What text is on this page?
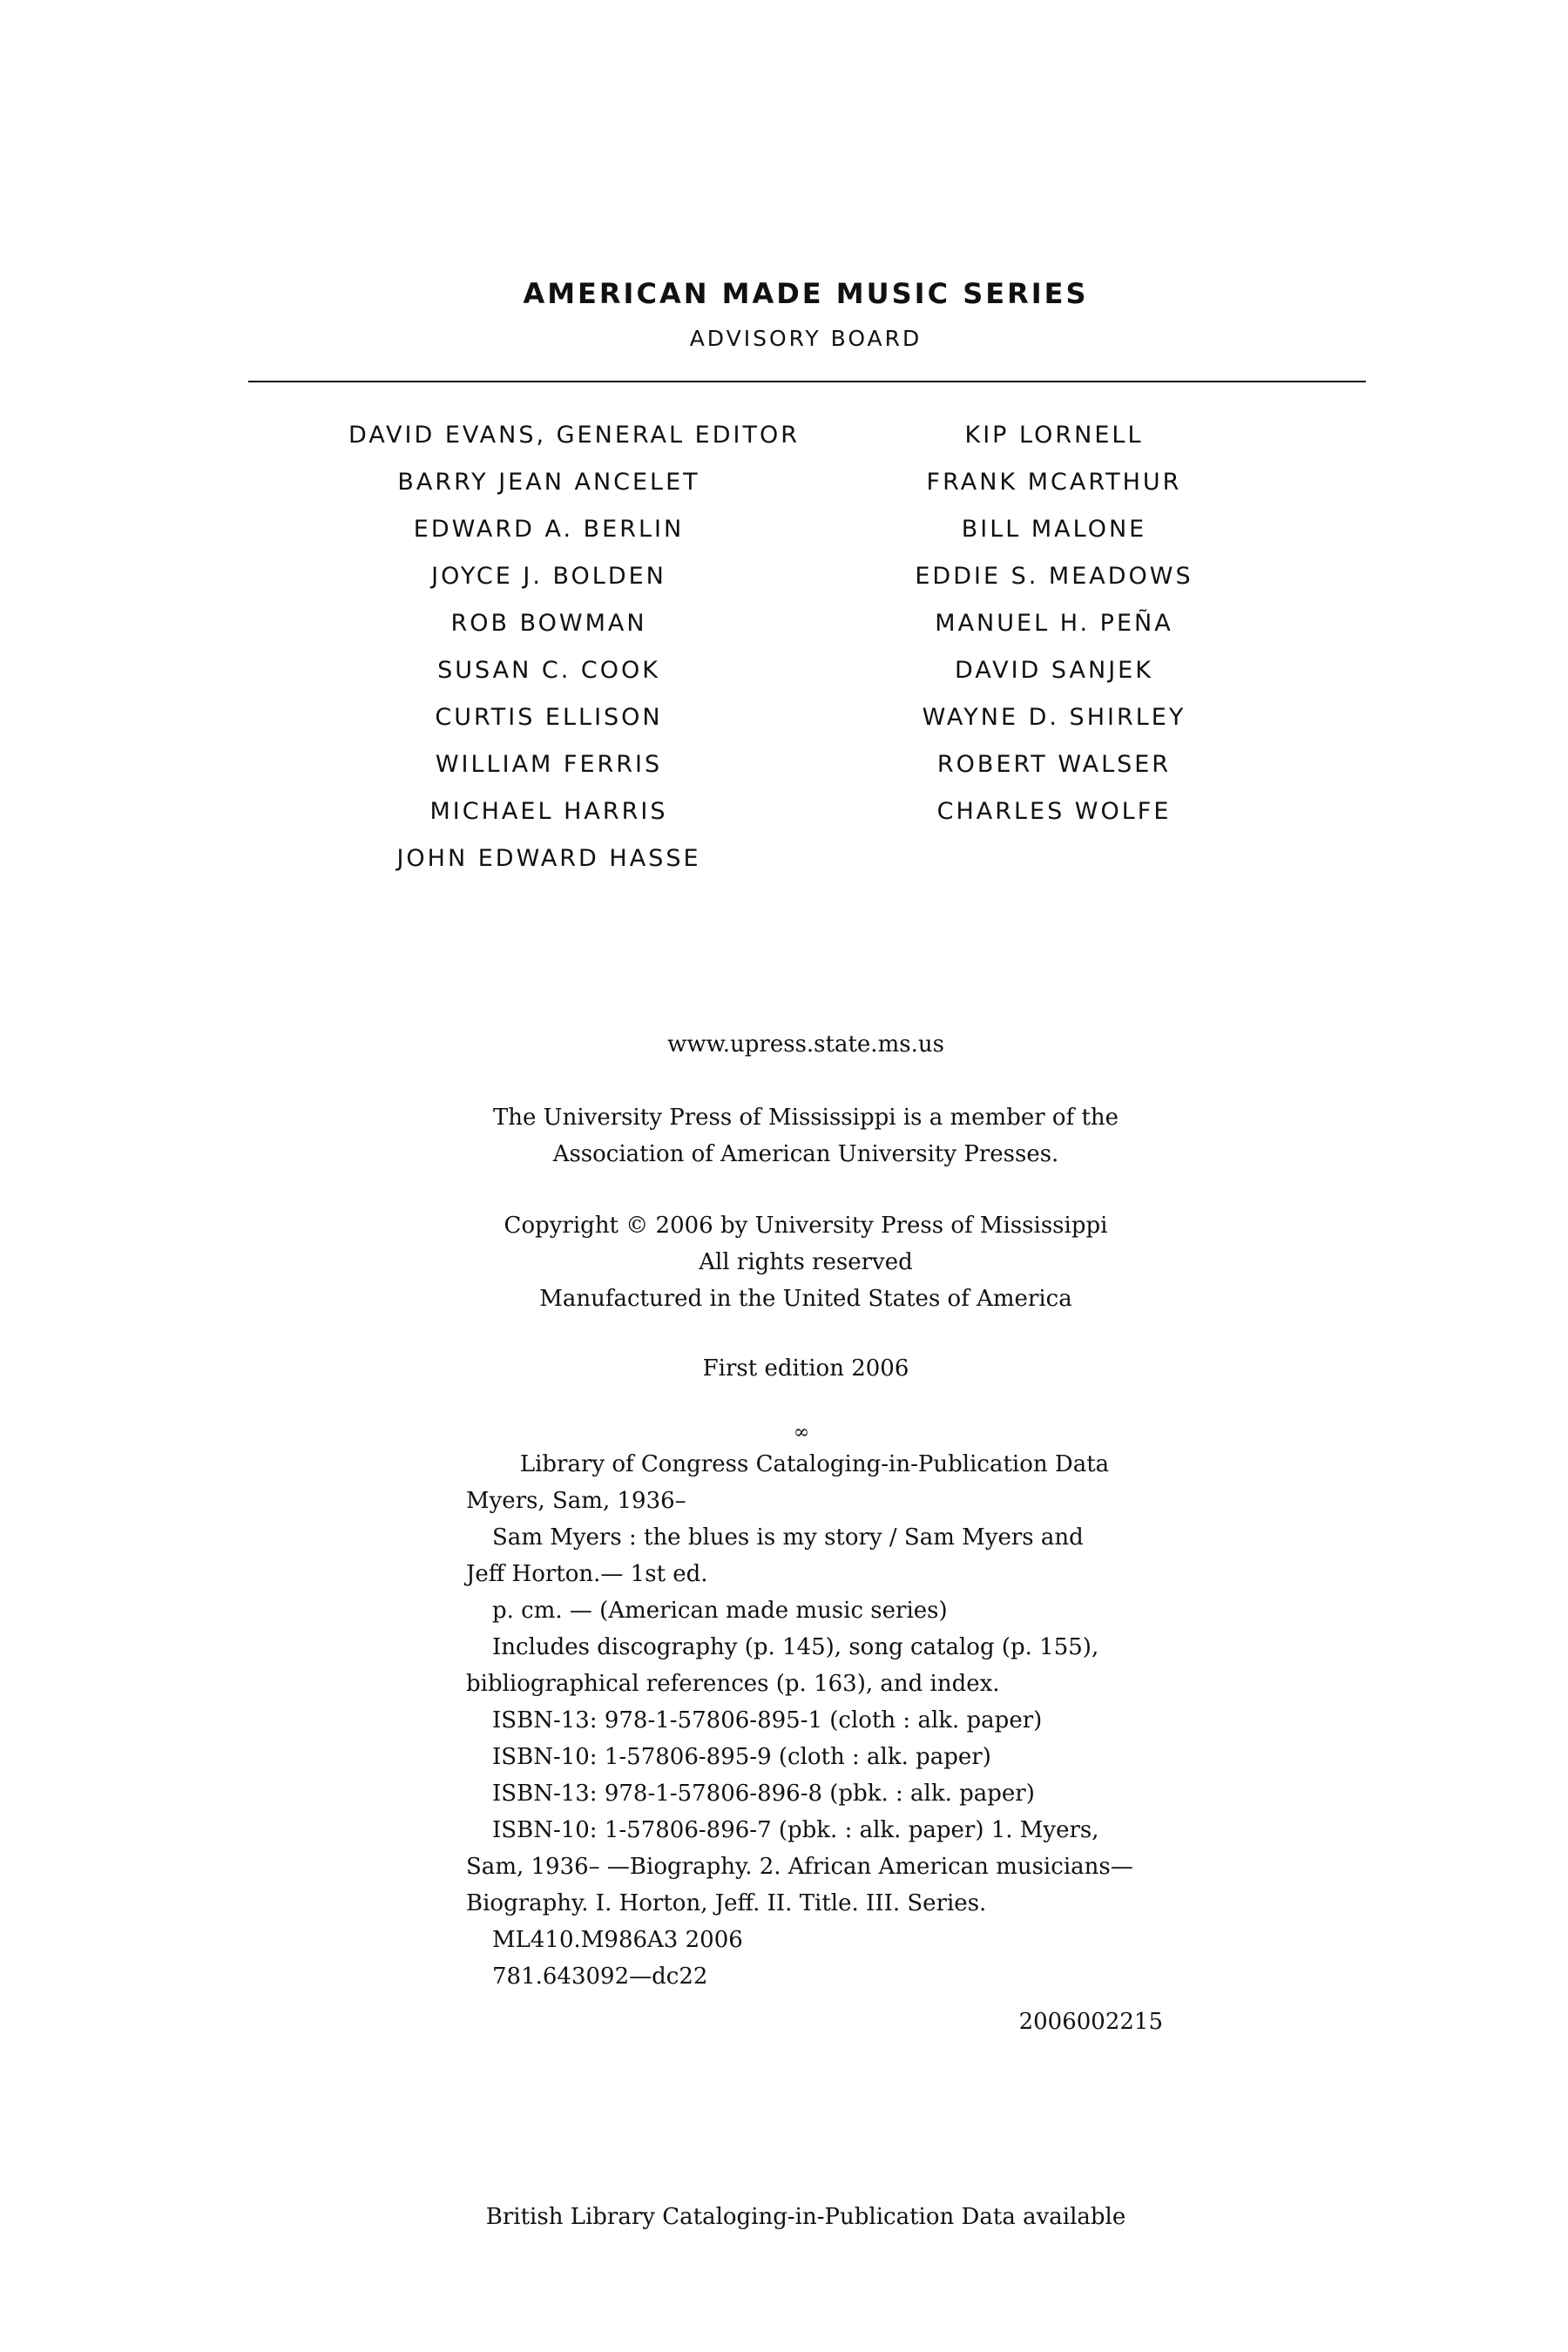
AMERICAN MADE MUSIC SERIES
ADVISORY BOARD
DAVID EVANS, GENERAL EDITOR
BARRY JEAN ANCELET
EDWARD A. BERLIN
JOYCE J. BOLDEN
ROB BOWMAN
SUSAN C. COOK
CURTIS ELLISON
WILLIAM FERRIS
MICHAEL HARRIS
JOHN EDWARD HASSE
KIP LORNELL
FRANK MCARTHUR
BILL MALONE
EDDIE S. MEADOWS
MANUEL H. PEÑA
DAVID SANJEK
WAYNE D. SHIRLEY
ROBERT WALSER
CHARLES WOLFE
www.upress.state.ms.us
The University Press of Mississippi is a member of the
Association of American University Presses.
Copyright © 2006 by University Press of Mississippi
All rights reserved
Manufactured in the United States of America
First edition 2006
∞
Library of Congress Cataloging-in-Publication Data
Myers, Sam, 1936–
Sam Myers : the blues is my story / Sam Myers and
Jeff Horton.— 1st ed.
p. cm. — (American made music series)
Includes discography (p. 145), song catalog (p. 155),
bibliographical references (p. 163), and index.
ISBN-13: 978-1-57806-895-1 (cloth : alk. paper)
ISBN-10: 1-57806-895-9 (cloth : alk. paper)
ISBN-13: 978-1-57806-896-8 (pbk. : alk. paper)
ISBN-10: 1-57806-896-7 (pbk. : alk. paper) 1. Myers,
Sam, 1936– —Biography. 2. African American musicians—
Biography. I. Horton, Jeff. II. Title. III. Series.
ML410.M986A3 2006
781.643092—dc22
2006002215
British Library Cataloging-in-Publication Data available
